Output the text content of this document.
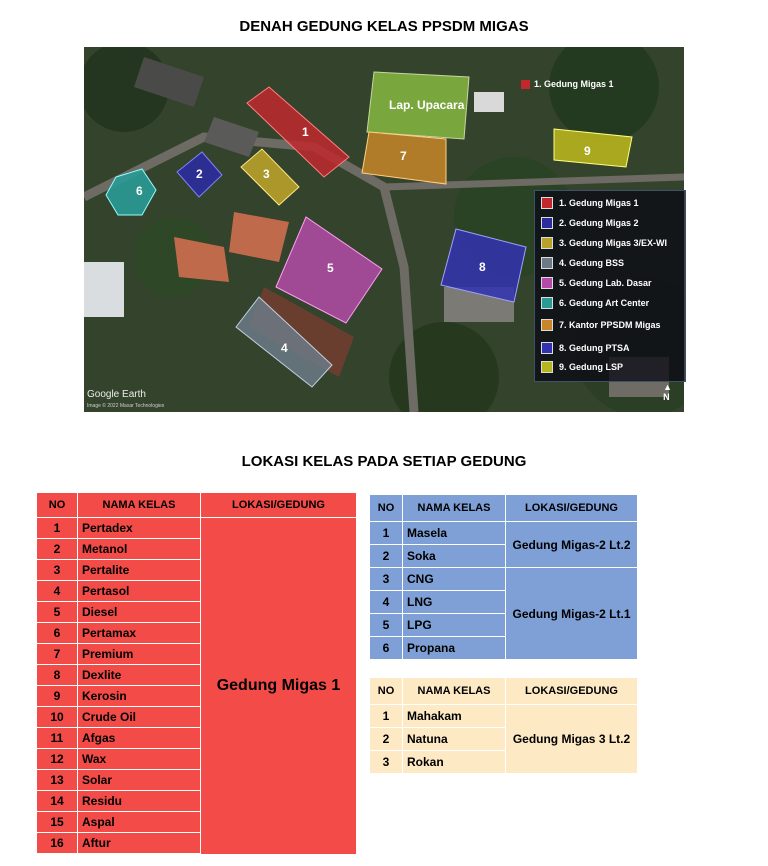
DENAH GEDUNG KELAS PPSDM MIGAS
1
2	3
4
5
6
7
8
9
Lap. Upacara
1. Gedung Migas 1
Google Earth
Image © 2022 Maxar Technologies
▲
N
1. Gedung Migas 1
2. Gedung Migas 2
3. Gedung Migas 3/EX-WI
4. Gedung BSS
5. Gedung Lab. Dasar
6. Gedung Art Center
7. Kantor PPSDM Migas
8. Gedung PTSA
9. Gedung LSP
LOKASI KELAS PADA SETIAP GEDUNG
NO	NAMA KELAS	LOKASI/GEDUNG
1	Pertadex	Gedung Migas 1
2	Metanol	
3	Pertalite	
4	Pertasol	
5	Diesel	
6	Pertamax	
7	Premium	
8	Dexlite	
9	Kerosin	
10	Crude Oil	
11	Afgas	
12	Wax	
13	Solar	
14	Residu	
15	Aspal	
16	Aftur	
NO	NAMA KELAS	LOKASI/GEDUNG
1	Masela	Gedung Migas-2 Lt.2
2	Soka	
3	CNG	Gedung Migas-2 Lt.1
4	LNG	
5	LPG	
6	Propana	
NO	NAMA KELAS	LOKASI/GEDUNG
1	Mahakam	Gedung Migas 3 Lt.2
2	Natuna	
3	Rokan	
